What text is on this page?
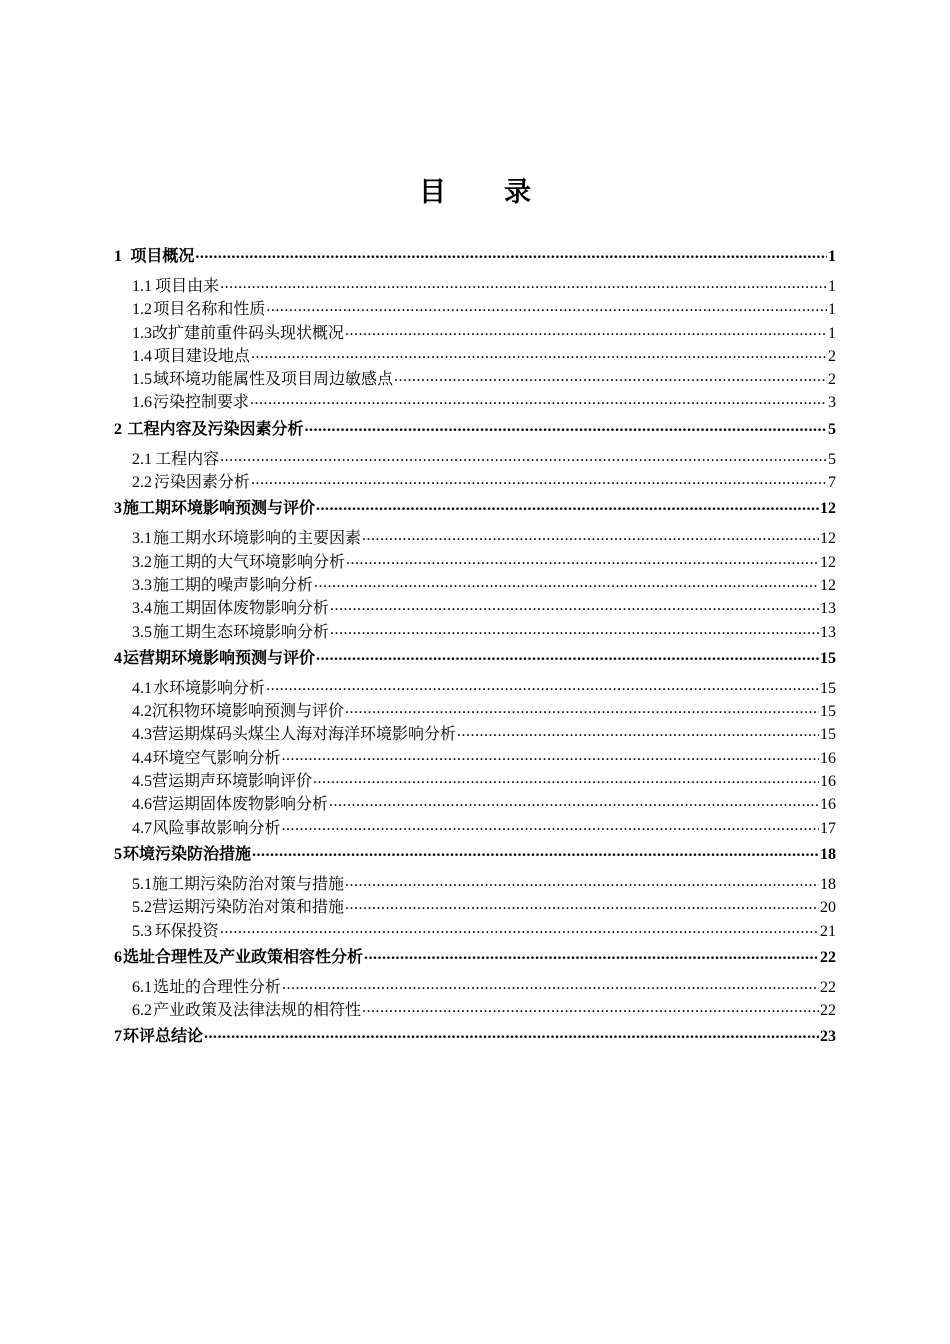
目 录
1 项目概况 .....	1
1.1 项目由来 .....	1
1.2 项目名称和性质 .....	1
1.3 改扩建前重件码头现状概况 .....	1
1.4 项目建设地点 .....	2
1.5 域环境功能属性及项目周边敏感点 .....	2
1.6 污染控制要求 .....	3
2 工程内容及污染因素分析 .....	5
2.1 工程内容 .....	5
2.2 污染因素分析 .....	7
3 施工期环境影响预测与评价 .....	12
3.1 施工期水环境影响的主要因素 .....	12
3.2 施工期的大气环境影响分析 .....	12
3.3 施工期的噪声影响分析 .....	12
3.4 施工期固体废物影响分析 .....	13
3.5 施工期生态环境影响分析 .....	13
4 运营期环境影响预测与评价 .....	15
4.1 水环境影响分析 .....	15
4.2 沉积物环境影响预测与评价 .....	15
4.3 营运期煤码头煤尘人海对海洋环境影响分析 .....	15
4.4 环境空气影响分析 .....	16
4.5 营运期声环境影响评价 .....	16
4.6 营运期固体废物影响分析 .....	16
4.7 风险事故影响分析 .....	17
5 环境污染防治措施 .....	18
5.1 施工期污染防治对策与措施 .....	18
5.2 营运期污染防治对策和措施 .....	20
5.3 环保投资 .....	21
6 选址合理性及产业政策相容性分析 .....	22
6.1 选址的合理性分析 .....	22
6.2 产业政策及法律法规的相符性 .....	22
7 环评总结论 .....	23
